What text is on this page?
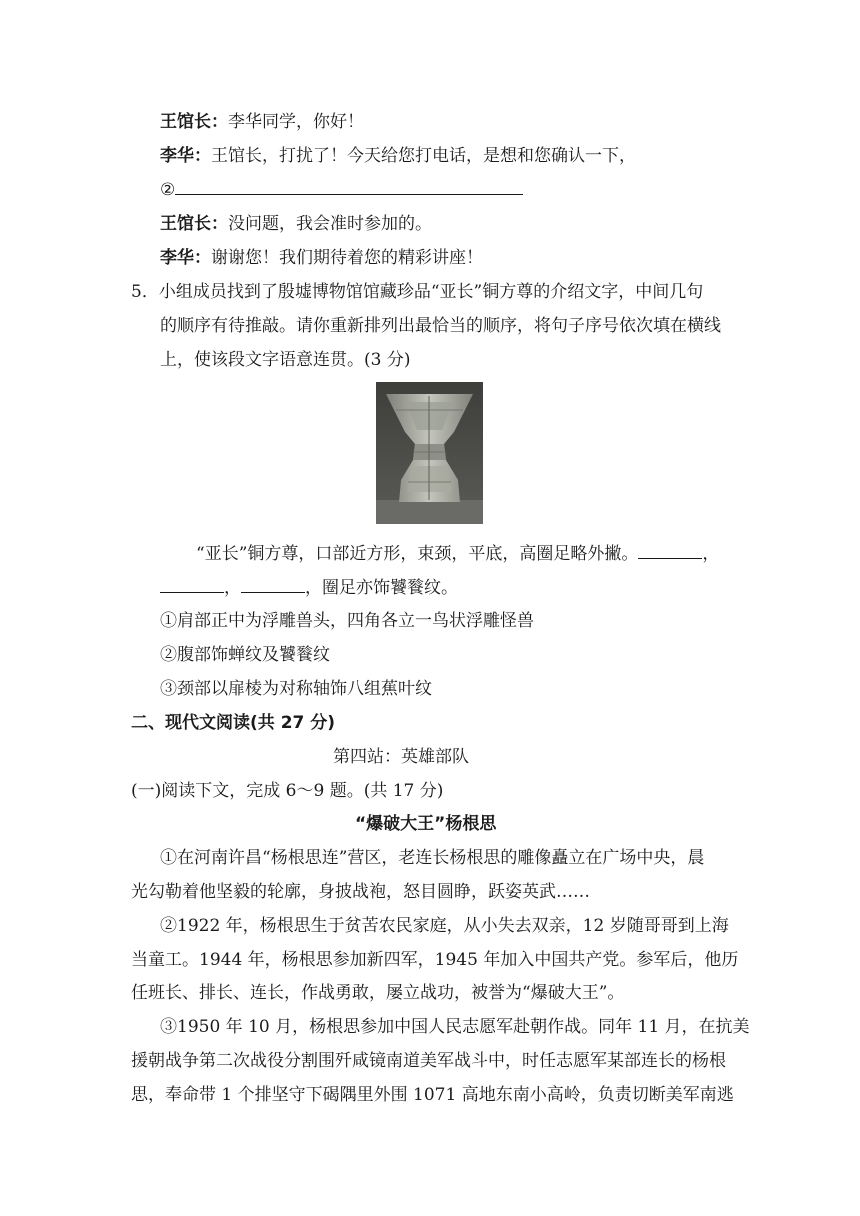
王馆长：李华同学，你好！
李华：王馆长，打扰了！今天给您打电话，是想和您确认一下，
②
王馆长：没问题，我会准时参加的。
李华：谢谢您！我们期待着您的精彩讲座！
5．小组成员找到了殷墟博物馆馆藏珍品“亚长”铜方尊的介绍文字，中间几句
的顺序有待推敲。请你重新排列出最恰当的顺序，将句子序号依次填在横线
上，使该段文字语意连贯。(3 分)
“亚长”铜方尊，口部近方形，束颈，平底，高圈足略外撇。	，
，	，圈足亦饰饕餮纹。
①肩部正中为浮雕兽头，四角各立一鸟状浮雕怪兽
②腹部饰蝉纹及饕餮纹
③颈部以扉棱为对称轴饰八组蕉叶纹
二、现代文阅读(共 27 分)
第四站：英雄部队
(一)阅读下文，完成 6～9 题。(共 17 分)
“爆破大王”杨根思
①在河南许昌“杨根思连”营区，老连长杨根思的雕像矗立在广场中央，晨
光勾勒着他坚毅的轮廓，身披战袍，怒目圆睁，跃姿英武……
②1922 年，杨根思生于贫苦农民家庭，从小失去双亲，12 岁随哥哥到上海
当童工。1944 年，杨根思参加新四军，1945 年加入中国共产党。参军后，他历
任班长、排长、连长，作战勇敢，屡立战功，被誉为“爆破大王”。
③1950 年 10 月，杨根思参加中国人民志愿军赴朝作战。同年 11 月，在抗美
援朝战争第二次战役分割围歼咸镜南道美军战斗中，时任志愿军某部连长的杨根
思，奉命带 1 个排坚守下碣隅里外围 1071 高地东南小高岭，负责切断美军南逃
